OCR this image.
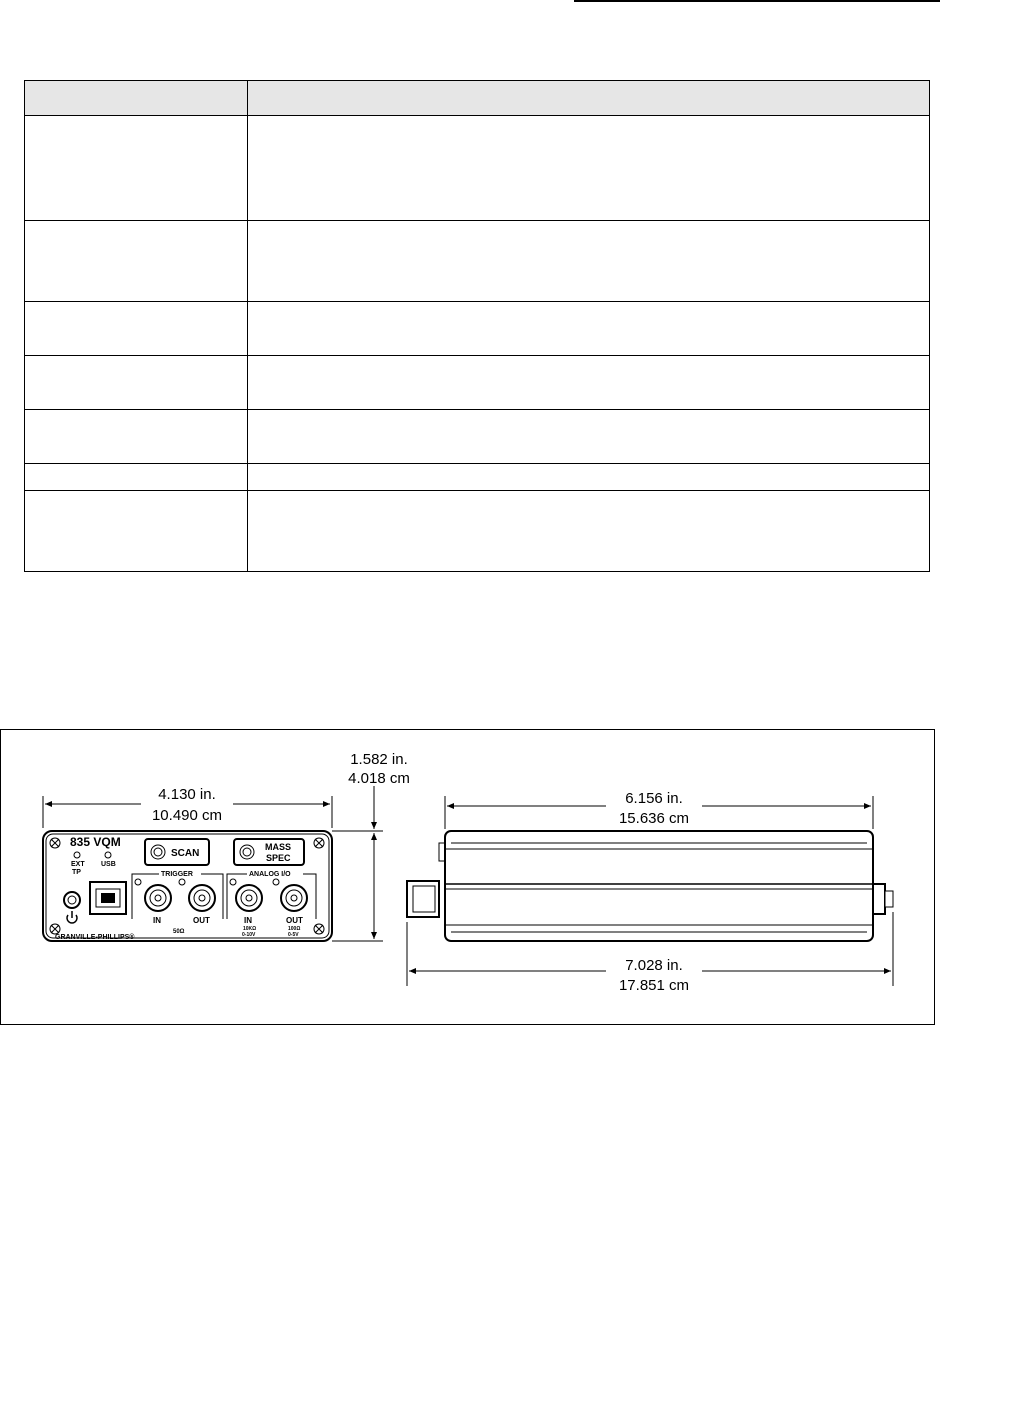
835 VQM
EXT
TP
USB
SCAN
MASS
SPEC
TRIGGER	ANALOG I/O
IN	OUT
50Ω
IN
10KΩ
0-10V
OUT
100Ω
0-5V
GRANVILLE-PHILLIPS®
4.130 in.
10.490 cm
1.582 in.
4.018 cm
6.156 in.
15.636 cm
7.028 in.
17.851 cm
